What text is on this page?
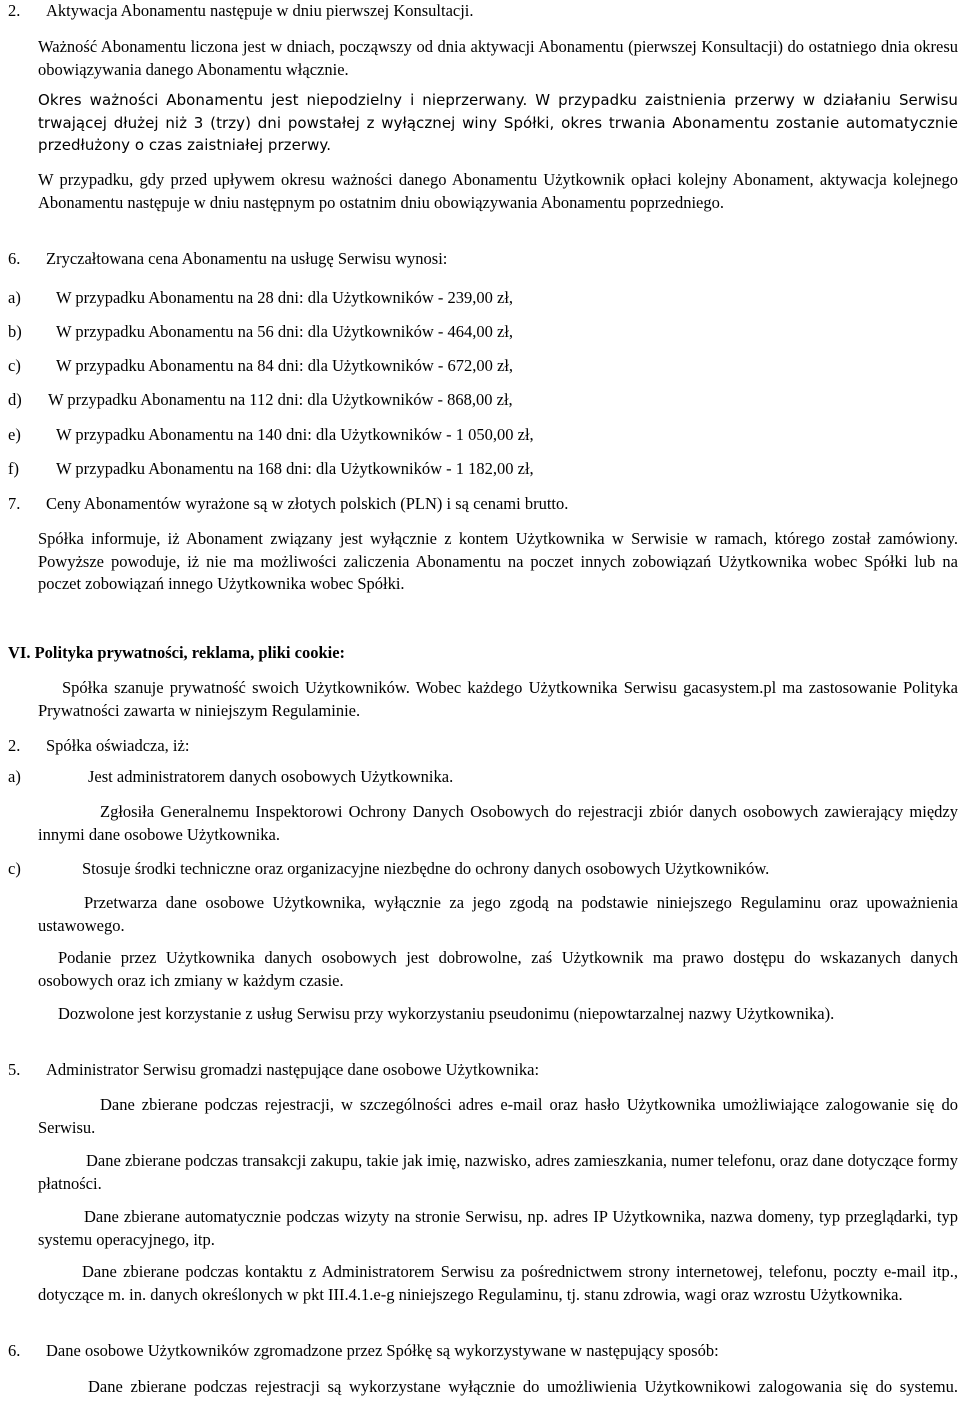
2. Aktywacja Abonamentu następuje w dniu pierwszej Konsultacji.
Ważność Abonamentu liczona jest w dniach, począwszy od dnia aktywacji Abonamentu (pierwszej Konsultacji) do ostatniego dnia okresu obowiązywania danego Abonamentu włącznie.
Okres ważności Abonamentu jest niepodzielny i nieprzerwany. W przypadku zaistnienia przerwy w działaniu Serwisu trwającej dłużej niż 3 (trzy) dni powstałej z wyłącznej winy Spółki, okres trwania Abonamentu zostanie automatycznie przedłużony o czas zaistniałej przerwy.
W przypadku, gdy przed upływem okresu ważności danego Abonamentu Użytkownik opłaci kolejny Abonament, aktywacja kolejnego Abonamentu następuje w dniu następnym po ostatnim dniu obowiązywania Abonamentu poprzedniego.
6. Zryczałtowana cena Abonamentu na usługę Serwisu wynosi:
a) W przypadku Abonamentu na 28 dni: dla Użytkowników - 239,00 zł,
b) W przypadku Abonamentu na 56 dni: dla Użytkowników - 464,00 zł,
c) W przypadku Abonamentu na 84 dni: dla Użytkowników - 672,00 zł,
d) W przypadku Abonamentu na 112 dni: dla Użytkowników - 868,00 zł,
e) W przypadku Abonamentu na 140 dni: dla Użytkowników - 1 050,00 zł,
f) W przypadku Abonamentu na 168 dni: dla Użytkowników - 1 182,00 zł,
7. Ceny Abonamentów wyrażone są w złotych polskich (PLN) i są cenami brutto.
Spółka informuje, iż Abonament związany jest wyłącznie z kontem Użytkownika w Serwisie w ramach, którego został zamówiony. Powyższe powoduje, iż nie ma możliwości zaliczenia Abonamentu na poczet innych zobowiązań Użytkownika wobec Spółki lub na poczet zobowiązań innego Użytkownika wobec Spółki.
VI. Polityka prywatności, reklama, pliki cookie:
Spółka szanuje prywatność swoich Użytkowników. Wobec każdego Użytkownika Serwisu gacasystem.pl ma zastosowanie Polityka Prywatności zawarta w niniejszym Regulaminie.
2. Spółka oświadcza, iż:
a)	Jest administratorem danych osobowych Użytkownika.
Zgłosiła Generalnemu Inspektorowi Ochrony Danych Osobowych do rejestracji zbiór danych osobowych zawierający między innymi dane osobowe Użytkownika.
c)	Stosuje środki techniczne oraz organizacyjne niezbędne do ochrony danych osobowych Użytkowników.
Przetwarza dane osobowe Użytkownika, wyłącznie za jego zgodą na podstawie niniejszego Regulaminu oraz upoważnienia ustawowego.
Podanie przez Użytkownika danych osobowych jest dobrowolne, zaś Użytkownik ma prawo dostępu do wskazanych danych osobowych oraz ich zmiany w każdym czasie.
Dozwolone jest korzystanie z usług Serwisu przy wykorzystaniu pseudonimu (niepowtarzalnej nazwy Użytkownika).
5. Administrator Serwisu gromadzi następujące dane osobowe Użytkownika:
Dane zbierane podczas rejestracji, w szczególności adres e-mail oraz hasło Użytkownika umożliwiające zalogowanie się do Serwisu.
Dane zbierane podczas transakcji zakupu, takie jak imię, nazwisko, adres zamieszkania, numer telefonu, oraz dane dotyczące formy płatności.
Dane zbierane automatycznie podczas wizyty na stronie Serwisu, np. adres IP Użytkownika, nazwa domeny, typ przeglądarki, typ systemu operacyjnego, itp.
Dane zbierane podczas kontaktu z Administratorem Serwisu za pośrednictwem strony internetowej, telefonu, poczty e-mail itp., dotyczące m. in. danych określonych w pkt III.4.1.e-g niniejszego Regulaminu, tj. stanu zdrowia, wagi oraz wzrostu Użytkownika.
6. Dane osobowe Użytkowników zgromadzone przez Spółkę są wykorzystywane w następujący sposób:
Dane zbierane podczas rejestracji są wykorzystane wyłącznie do umożliwienia Użytkownikowi zalogowania się do systemu.
